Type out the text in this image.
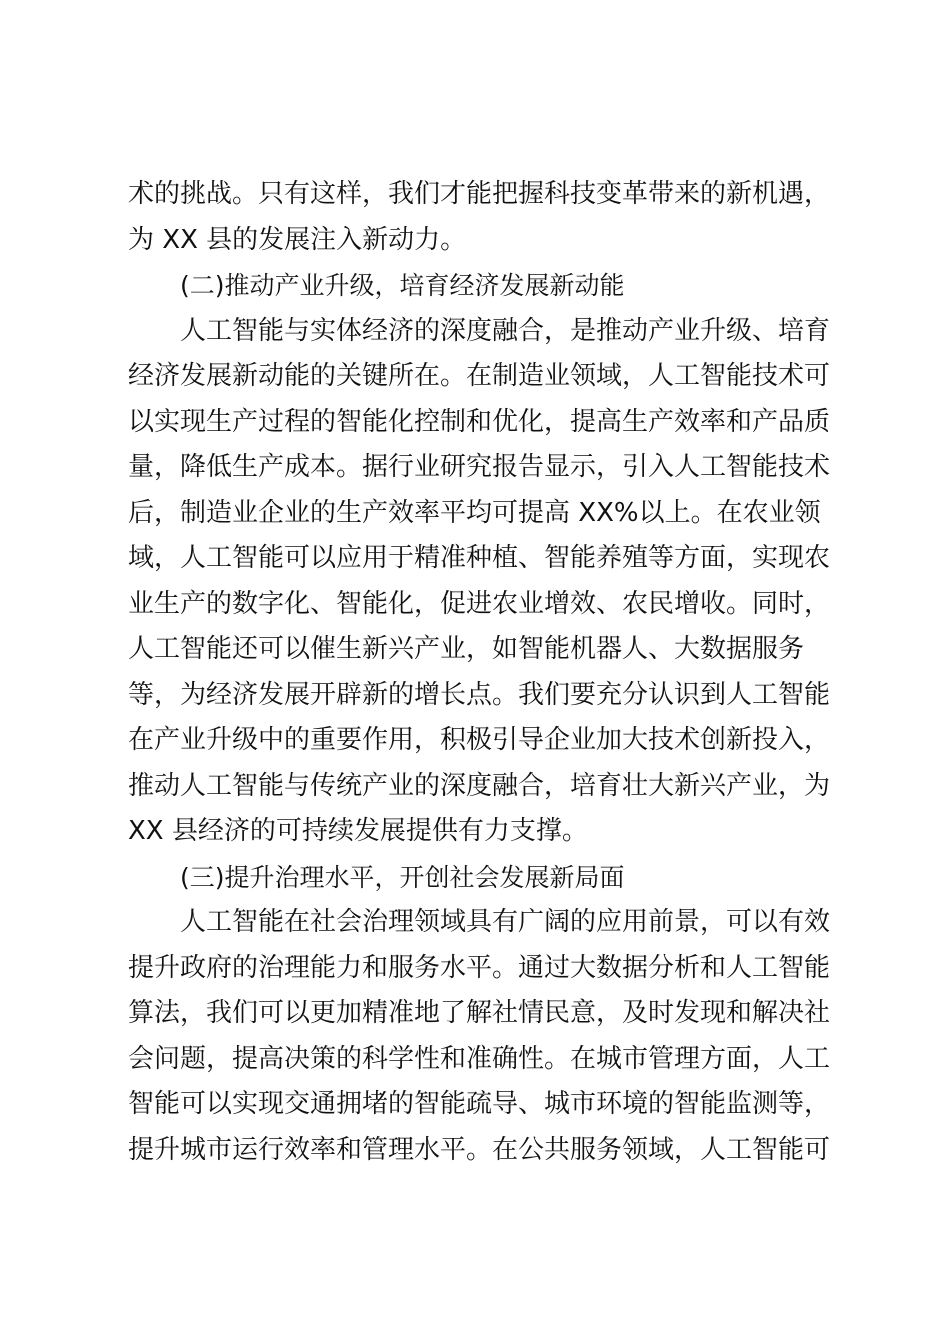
术的挑战。只有这样，我们才能把握科技变革带来的新机遇，
为 XX 县的发展注入新动力。
(二)推动产业升级，培育经济发展新动能
人工智能与实体经济的深度融合，是推动产业升级、培育
经济发展新动能的关键所在。在制造业领域，人工智能技术可
以实现生产过程的智能化控制和优化，提高生产效率和产品质
量，降低生产成本。据行业研究报告显示，引入人工智能技术
后，制造业企业的生产效率平均可提高 XX%以上。在农业领
域，人工智能可以应用于精准种植、智能养殖等方面，实现农
业生产的数字化、智能化，促进农业增效、农民增收。同时，
人工智能还可以催生新兴产业，如智能机器人、大数据服务
等，为经济发展开辟新的增长点。我们要充分认识到人工智能
在产业升级中的重要作用，积极引导企业加大技术创新投入，
推动人工智能与传统产业的深度融合，培育壮大新兴产业，为
XX 县经济的可持续发展提供有力支撑。
(三)提升治理水平，开创社会发展新局面
人工智能在社会治理领域具有广阔的应用前景，可以有效
提升政府的治理能力和服务水平。通过大数据分析和人工智能
算法，我们可以更加精准地了解社情民意，及时发现和解决社
会问题，提高决策的科学性和准确性。在城市管理方面，人工
智能可以实现交通拥堵的智能疏导、城市环境的智能监测等，
提升城市运行效率和管理水平。在公共服务领域，人工智能可
